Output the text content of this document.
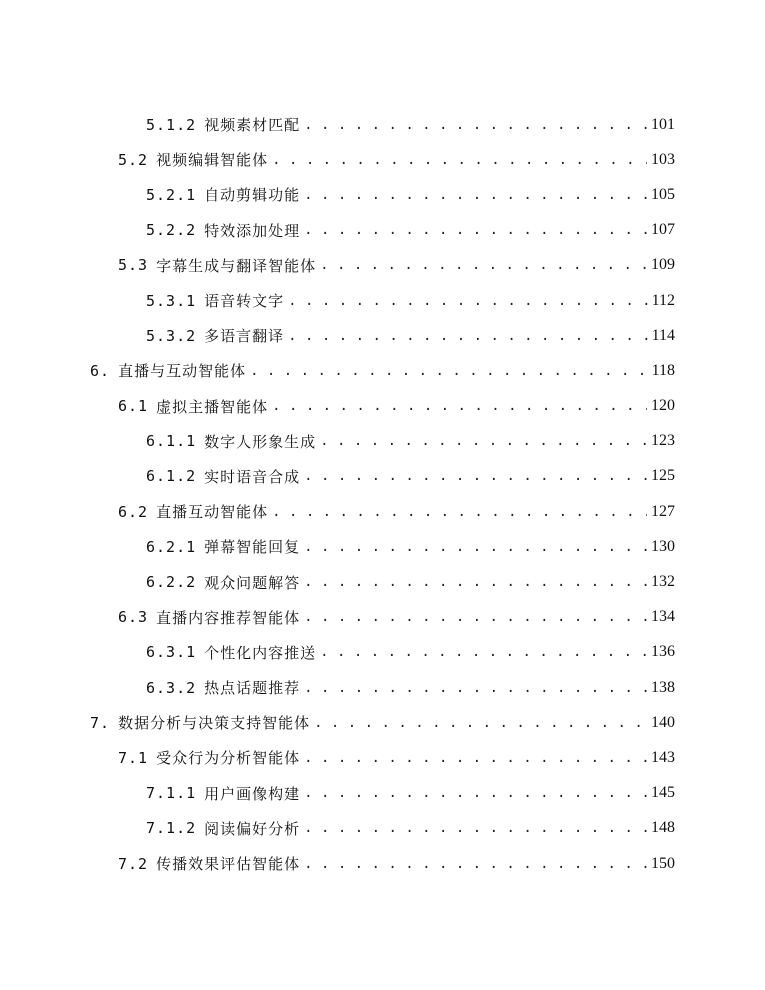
5.1.2 视频素材匹配 . . .	101
5.2 视频编辑智能体 . . .	103
5.2.1 自动剪辑功能 . . .	105
5.2.2 特效添加处理 . . .	107
5.3 字幕生成与翻译智能体 . . .	109
5.3.1 语音转文字 . . .	112
5.3.2 多语言翻译 . . .	114
6. 直播与互动智能体 . . .	118
6.1 虚拟主播智能体 . . .	120
6.1.1 数字人形象生成 . . .	123
6.1.2 实时语音合成 . . .	125
6.2 直播互动智能体 . . .	127
6.2.1 弹幕智能回复 . . .	130
6.2.2 观众问题解答 . . .	132
6.3 直播内容推荐智能体 . . .	134
6.3.1 个性化内容推送 . . .	136
6.3.2 热点话题推荐 . . .	138
7. 数据分析与决策支持智能体 . . .	140
7.1 受众行为分析智能体 . . .	143
7.1.1 用户画像构建 . . .	145
7.1.2 阅读偏好分析 . . .	148
7.2 传播效果评估智能体 . . .	150
